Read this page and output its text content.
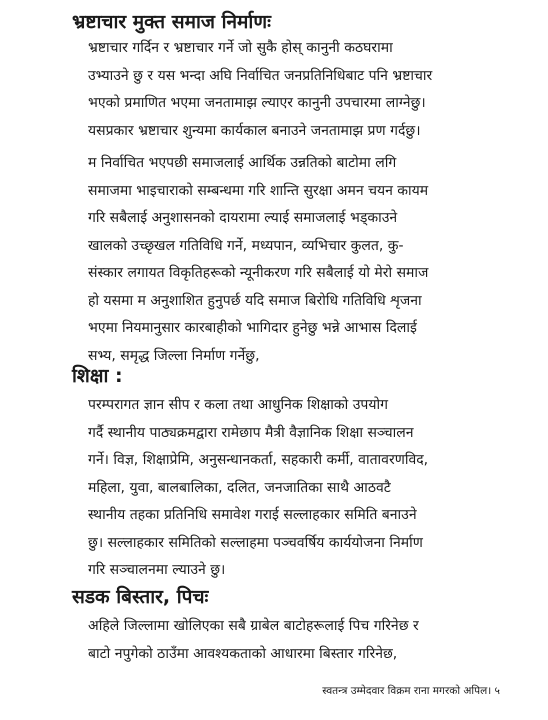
भ्रष्टाचार मुक्त समाज निर्माणः

भ्रष्टाचार गर्दिन र भ्रष्टाचार गर्ने जो सुकै होस् कानुनी कठघरामा
उभ्याउने छु र यस भन्दा अघि निर्वाचित जनप्रतिनिधिबाट पनि भ्रष्टाचार
भएको प्रमाणित भएमा जनतामाझ ल्याएर कानुनी उपचारमा लाग्नेछु।
यसप्रकार भ्रष्टाचार शुन्यमा कार्यकाल बनाउने जनतामाझ प्रण गर्दछु।

म निर्वाचित भएपछी समाजलाई आर्थिक उन्नतिको बाटोमा लगि
समाजमा भाइचाराको सम्बन्धमा गरि शान्ति सुरक्षा अमन चयन कायम
गरि सबैलाई अनुशासनको दायरामा ल्याई समाजलाई भड्काउने
खालको उच्छृखल गतिविधि गर्ने, मध्यपान, व्यभिचार कुलत, कु-
संस्कार लगायत विकृतिहरूको न्यूनीकरण गरि सबैलाई यो मेरो समाज
हो यसमा म अनुशाशित हुनुपर्छ यदि समाज बिरोधि गतिविधि शृजना
भएमा नियमानुसार कारबाहीको भागिदार हुनेछु भन्ने आभास दिलाई
सभ्य, समृद्ध जिल्ला निर्माण गर्नेछु,

शिक्षा :

परम्परागत ज्ञान सीप र कला तथा आधुनिक शिक्षाको उपयोग
गर्दै स्थानीय पाठ्यक्रमद्वारा रामेछाप मैत्री वैज्ञानिक शिक्षा सञ्चालन
गर्ने। विज्ञ, शिक्षाप्रेमि, अनुसन्धानकर्ता, सहकारी कर्मी, वातावरणविद,
महिला, युवा, बालबालिका, दलित, जनजातिका साथै आठवटै
स्थानीय तहका प्रतिनिधि समावेश गराई सल्लाहकार समिति बनाउने
छु। सल्लाहकार समितिको सल्लाहमा पञ्चवर्षिय कार्ययोजना निर्माण
गरि सञ्चालनमा ल्याउने छु।

सडक बिस्तार, पिचः

अहिले जिल्लामा खोलिएका सबै ग्राबेल बाटोहरूलाई पिच गरिनेछ र
बाटो नपुगेको ठाउँमा आवश्यकताको आधारमा बिस्तार गरिनेछ,

स्वतन्त्र उम्मेदवार विक्रम राना मगरको अपिल। ५
